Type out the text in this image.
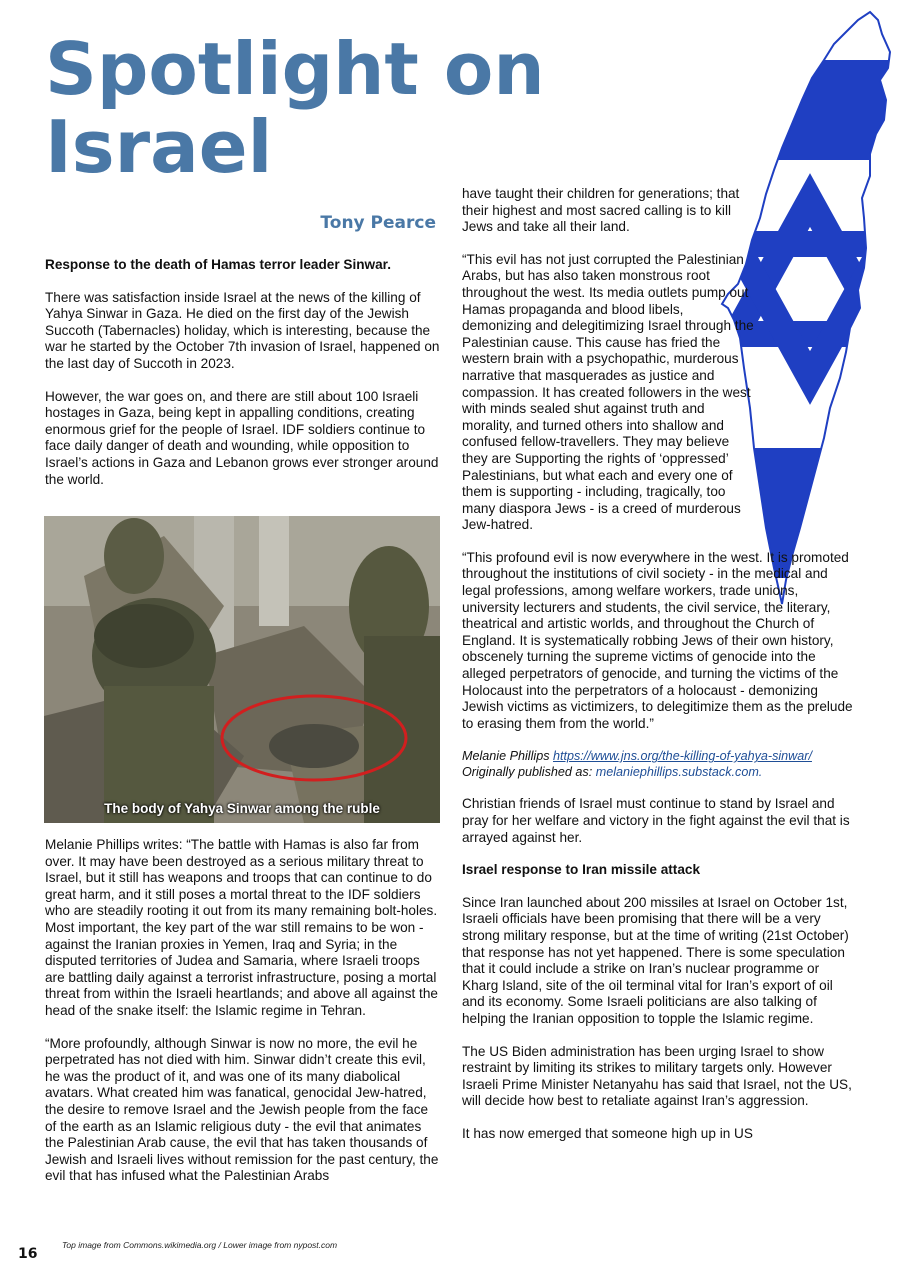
Spotlight on
Israel
Tony Pearce

Response to the death of Hamas terror leader Sinwar.

There was satisfaction inside Israel at the news of the killing of Yahya Sinwar in Gaza. He died on the first day of the Jewish Succoth (Tabernacles) holiday, which is interesting, because the war he started by the October 7th invasion of Israel, happened on the last day of Succoth in 2023.

However, the war goes on, and there are still about 100 Israeli hostages in Gaza, being kept in appalling conditions, creating enormous grief for the people of Israel. IDF soldiers continue to face daily danger of death and wounding, while opposition to Israel’s actions in Gaza and Lebanon grows ever stronger around the world.

The body of Yahya Sinwar among the ruble

Melanie Phillips writes: “The battle with Hamas is also far from over. It may have been destroyed as a serious military threat to Israel, but it still has weapons and troops that can continue to do great harm, and it still poses a mortal threat to the IDF soldiers who are steadily rooting it out from its many remaining bolt-holes. Most important, the key part of the war still remains to be won - against the Iranian proxies in Yemen, Iraq and Syria; in the disputed territories of Judea and Samaria, where Israeli troops are battling daily against a terrorist infrastructure, posing a mortal threat from within the Israeli heartlands; and above all against the head of the snake itself: the Islamic regime in Tehran.

“More profoundly, although Sinwar is now no more, the evil he perpetrated has not died with him. Sinwar didn’t create this evil, he was the product of it, and was one of its many diabolical avatars. What created him was fanatical, genocidal Jew-hatred, the desire to remove Israel and the Jewish people from the face of the earth as an Islamic religious duty - the evil that animates the Palestinian Arab cause, the evil that has taken thousands of Jewish and Israeli lives without remission for the past century, the evil that has infused what the Palestinian Arabs

have taught their children for generations; that their highest and most sacred calling is to kill Jews and take all their land.

“This evil has not just corrupted the Palestinian Arabs, but has also taken monstrous root throughout the west. Its media outlets pump out Hamas propaganda and blood libels, demonizing and delegitimizing Israel through the Palestinian cause. This cause has fried the western brain with a psychopathic, murderous narrative that masquerades as justice and compassion. It has created followers in the west with minds sealed shut against truth and morality, and turned others into shallow and confused fellow-travellers. They may believe they are Supporting the rights of ‘oppressed’ Palestinians, but what each and every one of them is supporting - including, tragically, too many diaspora Jews - is a creed of murderous Jew-hatred.

“This profound evil is now everywhere in the west. It is promoted throughout the institutions of civil society - in the medical and legal professions, among welfare workers, trade unions, university lecturers and students, the civil service, the literary, theatrical and artistic worlds, and throughout the Church of England. It is systematically robbing Jews of their own history, obscenely turning the supreme victims of genocide into the alleged perpetrators of genocide, and turning the victims of the Holocaust into the perpetrators of a holocaust - demonizing Jewish victims as victimizers, to delegitimize them as the prelude to erasing them from the world.”

Melanie Phillips https://www.jns.org/the-killing-of-yahya-sinwar/
Originally published as: melaniephillips.substack.com.

Christian friends of Israel must continue to stand by Israel and pray for her welfare and victory in the fight against the evil that is arrayed against her.

Israel response to Iran missile attack

Since Iran launched about 200 missiles at Israel on October 1st, Israeli officials have been promising that there will be a very strong military response, but at the time of writing (21st October) that response has not yet happened. There is some speculation that it could include a strike on Iran’s nuclear programme or Kharg Island, site of the oil terminal vital for Iran’s export of oil and its economy. Some Israeli politicians are also talking of helping the Iranian opposition to topple the Islamic regime.

The US Biden administration has been urging Israel to show restraint by limiting its strikes to military targets only. However Israeli Prime Minister Netanyahu has said that Israel, not the US, will decide how best to retaliate against Iran’s aggression.

It has now emerged that someone high up in US

16
Top image from Commons.wikimedia.org / Lower image from nypost.com
